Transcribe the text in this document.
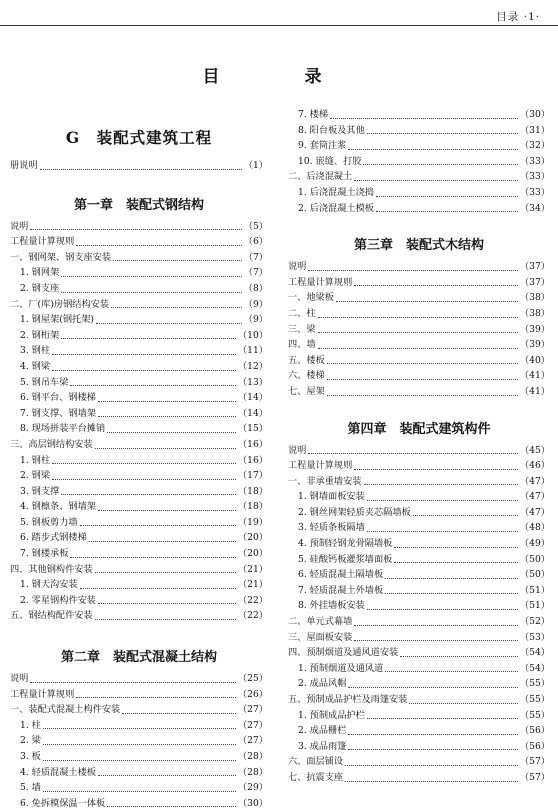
目录 ·1·
目　录
G　装配式建筑工程
册说明	（1）
第一章　装配式钢结构
说明	（5）
工程量计算规则	（6）
一、钢网架、钢支座安装	（7）
1. 钢网架	（7）
2. 钢支座	（8）
二、厂(库)房钢结构安装	（9）
1. 钢屋架(钢托架)	（9）
2. 钢桁架	（10）
3. 钢柱	（11）
4. 钢梁	（12）
5. 钢吊车梁	（13）
6. 钢平台、钢楼梯	（14）
7. 钢支撑、钢墙架	（14）
8. 现场拼装平台摊销	（15）
三、高层钢结构安装	（16）
1. 钢柱	（16）
2. 钢梁	（17）
3. 钢支撑	（18）
4. 钢檩条、钢墙架	（18）
5. 钢板剪力墙	（19）
6. 踏步式钢楼梯	（20）
7. 钢楼承板	（20）
四、其他钢构件安装	（21）
1. 钢天沟安装	（21）
2. 零星钢构件安装	（22）
五、钢结构配件安装	（22）
第二章　装配式混凝土结构
说明	（25）
工程量计算规则	（26）
一、装配式混凝土构件安装	（27）
1. 柱	（27）
2. 梁	（27）
3. 板	（28）
4. 轻质混凝土楼板	（28）
5. 墙	（29）
6. 免拆模保温一体板	（30）
7. 楼梯	（30）
8. 阳台板及其他	（31）
9. 套筒注浆	（32）
10. 嵌缝、打胶	（33）
二、后浇混凝土	（33）
1. 后浇混凝土浇捣	（33）
2. 后浇混凝土模板	（34）
第三章　装配式木结构
说明	（37）
工程量计算规则	（37）
一、地梁板	（38）
二、柱	（38）
三、梁	（39）
四、墙	（39）
五、楼板	（40）
六、楼梯	（41）
七、屋架	（41）
第四章　装配式建筑构件
说明	（45）
工程量计算规则	（46）
一、非承重墙安装	（47）
1. 钢墙面板安装	（47）
2. 钢丝网架轻质夹芯隔墙板	（47）
3. 轻质条板隔墙	（48）
4. 预制轻钢龙骨隔墙板	（49）
5. 硅酸钙板灌浆墙面板	（50）
6. 轻质混凝土隔墙板	（50）
7. 轻质混凝土外墙板	（51）
8. 外挂墙板安装	（51）
二、单元式幕墙	（52）
三、屋面板安装	（53）
四、预制烟道及通风道安装	（54）
1. 预制烟道及通风道	（54）
2. 成品风帽	（55）
五、预制成品护栏及雨篷安装	（55）
1. 预制成品护栏	（55）
2. 成品栅栏	（56）
3. 成品雨篷	（56）
六、面层铺设	（57）
七、抗震支座	（57）
